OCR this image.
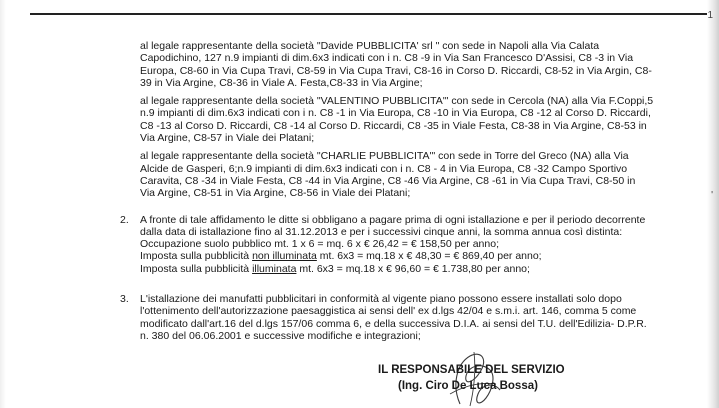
1
'
al legale rappresentante della società "Davide PUBBLICITA' srl " con sede in Napoli alla Via Calata
Capodichino, 127 n.9 impianti di dim.6x3 indicati con i n. C8 -9 in Via San Francesco D'Assisi, C8 -3 in Via
Europa, C8-60 in Via Cupa Travi, C8-59 in Via Cupa Travi, C8-16 in Corso D. Riccardi, C8-52 in Via Argin, C8-
39 in Via Argine, C8-36 in Viale A. Festa,C8-33 in Via Argine;
al legale rappresentante della società "VALENTINO PUBBLICITA'" con sede in Cercola (NA) alla Via F.Coppi,5
n.9 impianti di dim.6x3 indicati con i n. C8 -1 in Via Europa, C8 -10 in Via Europa, C8 -12 al Corso D. Riccardi,
C8 -13 al Corso D. Riccardi, C8 -14 al Corso D. Riccardi, C8 -35 in Viale Festa, C8-38 in Via Argine, C8-53 in
Via Argine, C8-57 in Viale dei Platani;
al legale rappresentante della società "CHARLIE PUBBLICITA'" con sede in Torre del Greco (NA) alla Via
Alcide de Gasperi, 6;n.9 impianti di dim.6x3 indicati con i n. C8 - 4 in Via Europa, C8 -32 Campo Sportivo
Caravita, C8 -34 in Viale Festa, C8 -44 in Via Argine, C8 -46 Via Argine, C8 -61 in Via Cupa Travi, C8-50 in
Via Argine, C8-51 in Via Argine, C8-56 in Viale dei Platani;
2. A fronte di tale affidamento le ditte si obbligano a pagare prima di ogni istallazione e per il periodo decorrente
dalla data di istallazione fino al 31.12.2013 e per i successivi cinque anni, la somma annua così distinta:
Occupazione suolo pubblico mt. 1 x 6 = mq. 6 x € 26,42 = € 158,50 per anno;
Imposta sulla pubblicità non illuminata mt. 6x3 = mq.18 x € 48,30 = € 869,40 per anno;
Imposta sulla pubblicità illuminata mt. 6x3 = mq.18 x € 96,60 = € 1.738,80 per anno;
3. L'istallazione dei manufatti pubblicitari in conformità al vigente piano possono essere installati solo dopo
l'ottenimento dell'autorizzazione paesaggistica ai sensi dell' ex d.lgs 42/04 e s.m.i. art. 146, comma 5 come
modificato dall'art.16 del d.lgs 157/06 comma 6, e della successiva D.I.A. ai sensi del T.U. dell'Edilizia- D.P.R.
n. 380 del 06.06.2001 e successive modifiche e integrazioni;
IL RESPONSABILE DEL SERVIZIO
(Ing. Ciro De Luca Bossa)
